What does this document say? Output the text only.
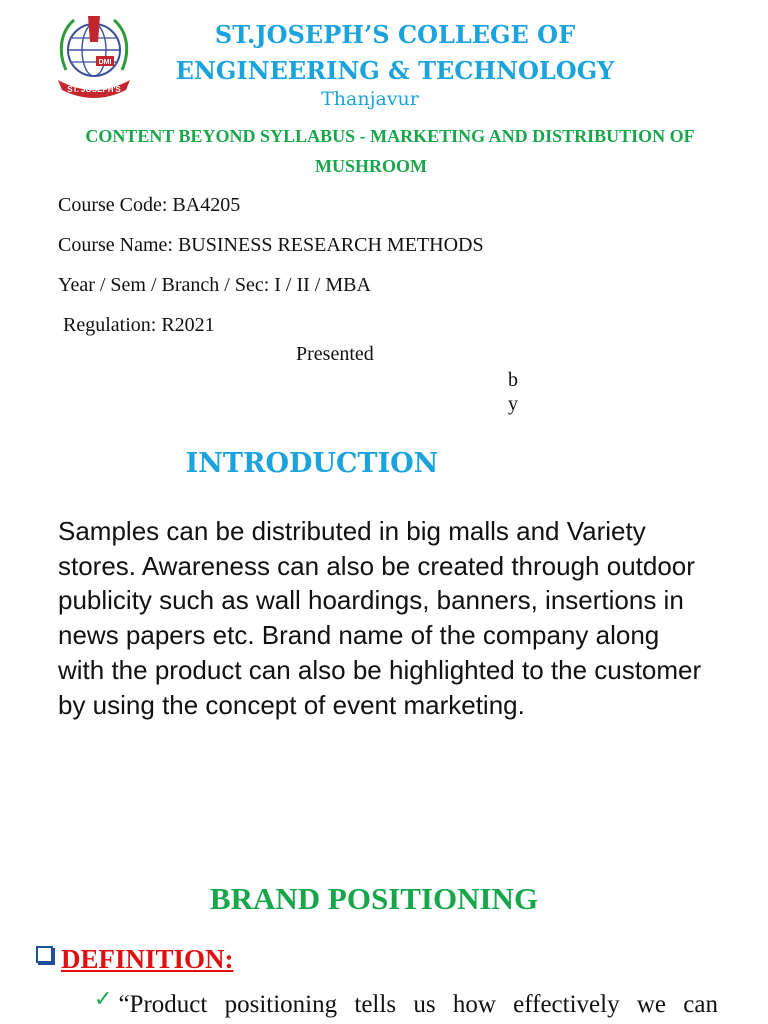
DMI
ST. JOSEPH'S
ST.JOSEPH’S COLLEGE OF
ENGINEERING & TECHNOLOGY
Thanjavur
CONTENT BEYOND SYLLABUS - MARKETING AND DISTRIBUTION OF
MUSHROOM
Course Code: BA4205
Course Name: BUSINESS RESEARCH METHODS
Year / Sem / Branch / Sec: I / II / MBA
Regulation: R2021
Presented
b
y
INTRODUCTION
Samples can be distributed in big malls and Variety stores. Awareness can also be created through outdoor publicity such as wall hoardings, banners, insertions in news papers etc. Brand name of the company along with the product can also be highlighted to the customer by using the concept of event marketing.
BRAND POSITIONING
DEFINITION:
✓ “Product positioning tells us how effectively we can
